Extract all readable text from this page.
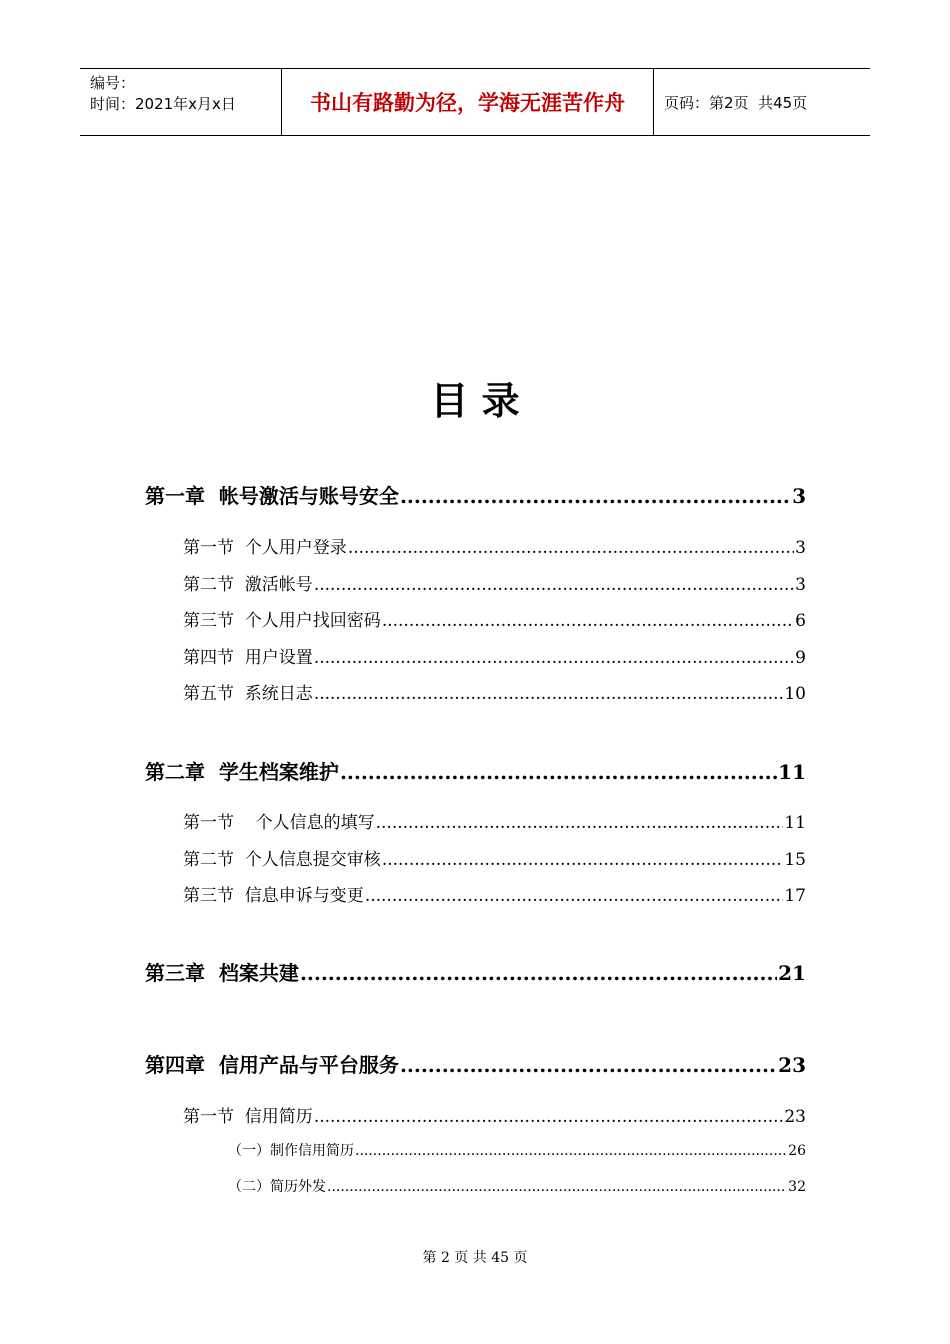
编号：
时间：2021年x月x日	书山有路勤为径，学海无涯苦作舟	页码：第2页  共45页
目 录
第一章  帐号激活与账号安全 .....	3
第一节  个人用户登录 .....	3
第二节  激活帐号 .....	3
第三节  个人用户找回密码 .....	6
第四节  用户设置 .....	9
第五节  系统日志 .....	10
第二章  学生档案维护 .....	11
第一节    个人信息的填写 .....	11
第二节  个人信息提交审核 .....	15
第三节  信息申诉与变更 .....	17
第三章  档案共建 .....	21
第四章  信用产品与平台服务 .....	23
第一节  信用简历 .....	23
（一）制作信用简历 .....	26
（二）简历外发 .....	32
第 2 页 共 45 页
